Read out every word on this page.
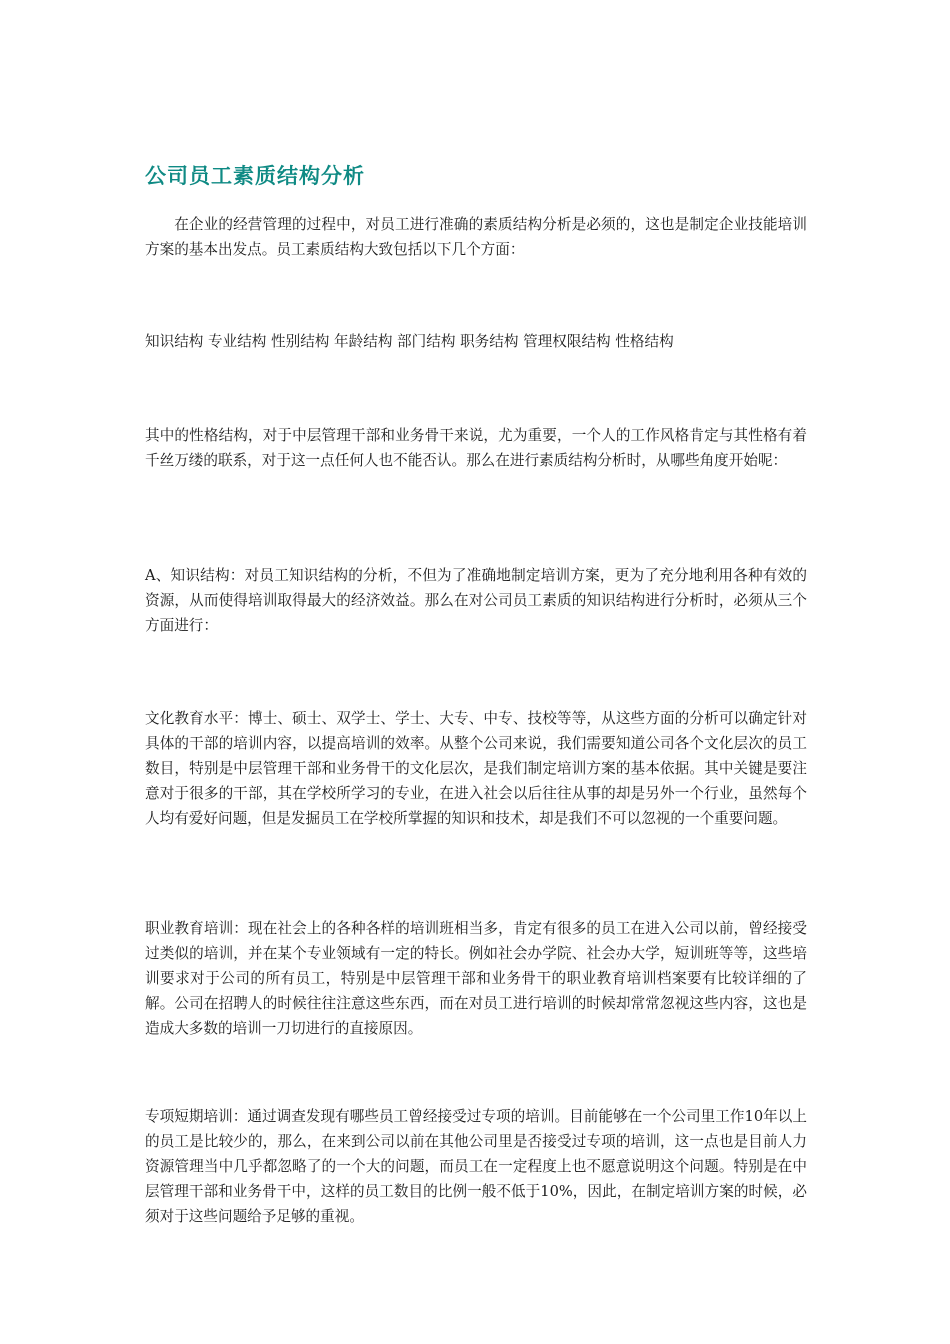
公司员工素质结构分析

在企业的经营管理的过程中，对员工进行准确的素质结构分析是必须的，这也是制定企业技能培训方案的基本出发点。员工素质结构大致包括以下几个方面：

知识结构 专业结构 性别结构 年龄结构 部门结构 职务结构 管理权限结构 性格结构

其中的性格结构，对于中层管理干部和业务骨干来说，尤为重要，一个人的工作风格肯定与其性格有着千丝万缕的联系，对于这一点任何人也不能否认。那么在进行素质结构分析时，从哪些角度开始呢：

A、知识结构：对员工知识结构的分析，不但为了准确地制定培训方案，更为了充分地利用各种有效的资源，从而使得培训取得最大的经济效益。那么在对公司员工素质的知识结构进行分析时，必须从三个方面进行：

文化教育水平：博士、硕士、双学士、学士、大专、中专、技校等等，从这些方面的分析可以确定针对具体的干部的培训内容，以提高培训的效率。从整个公司来说，我们需要知道公司各个文化层次的员工数目，特别是中层管理干部和业务骨干的文化层次，是我们制定培训方案的基本依据。其中关键是要注意对于很多的干部，其在学校所学习的专业，在进入社会以后往往从事的却是另外一个行业，虽然每个人均有爱好问题，但是发掘员工在学校所掌握的知识和技术，却是我们不可以忽视的一个重要问题。

职业教育培训：现在社会上的各种各样的培训班相当多，肯定有很多的员工在进入公司以前，曾经接受过类似的培训，并在某个专业领域有一定的特长。例如社会办学院、社会办大学，短训班等等，这些培训要求对于公司的所有员工，特别是中层管理干部和业务骨干的职业教育培训档案要有比较详细的了解。公司在招聘人的时候往往注意这些东西，而在对员工进行培训的时候却常常忽视这些内容，这也是造成大多数的培训一刀切进行的直接原因。

专项短期培训：通过调查发现有哪些员工曾经接受过专项的培训。目前能够在一个公司里工作10年以上的员工是比较少的，那么，在来到公司以前在其他公司里是否接受过专项的培训，这一点也是目前人力资源管理当中几乎都忽略了的一个大的问题，而员工在一定程度上也不愿意说明这个问题。特别是在中层管理干部和业务骨干中，这样的员工数目的比例一般不低于10%，因此，在制定培训方案的时候，必须对于这些问题给予足够的重视。
